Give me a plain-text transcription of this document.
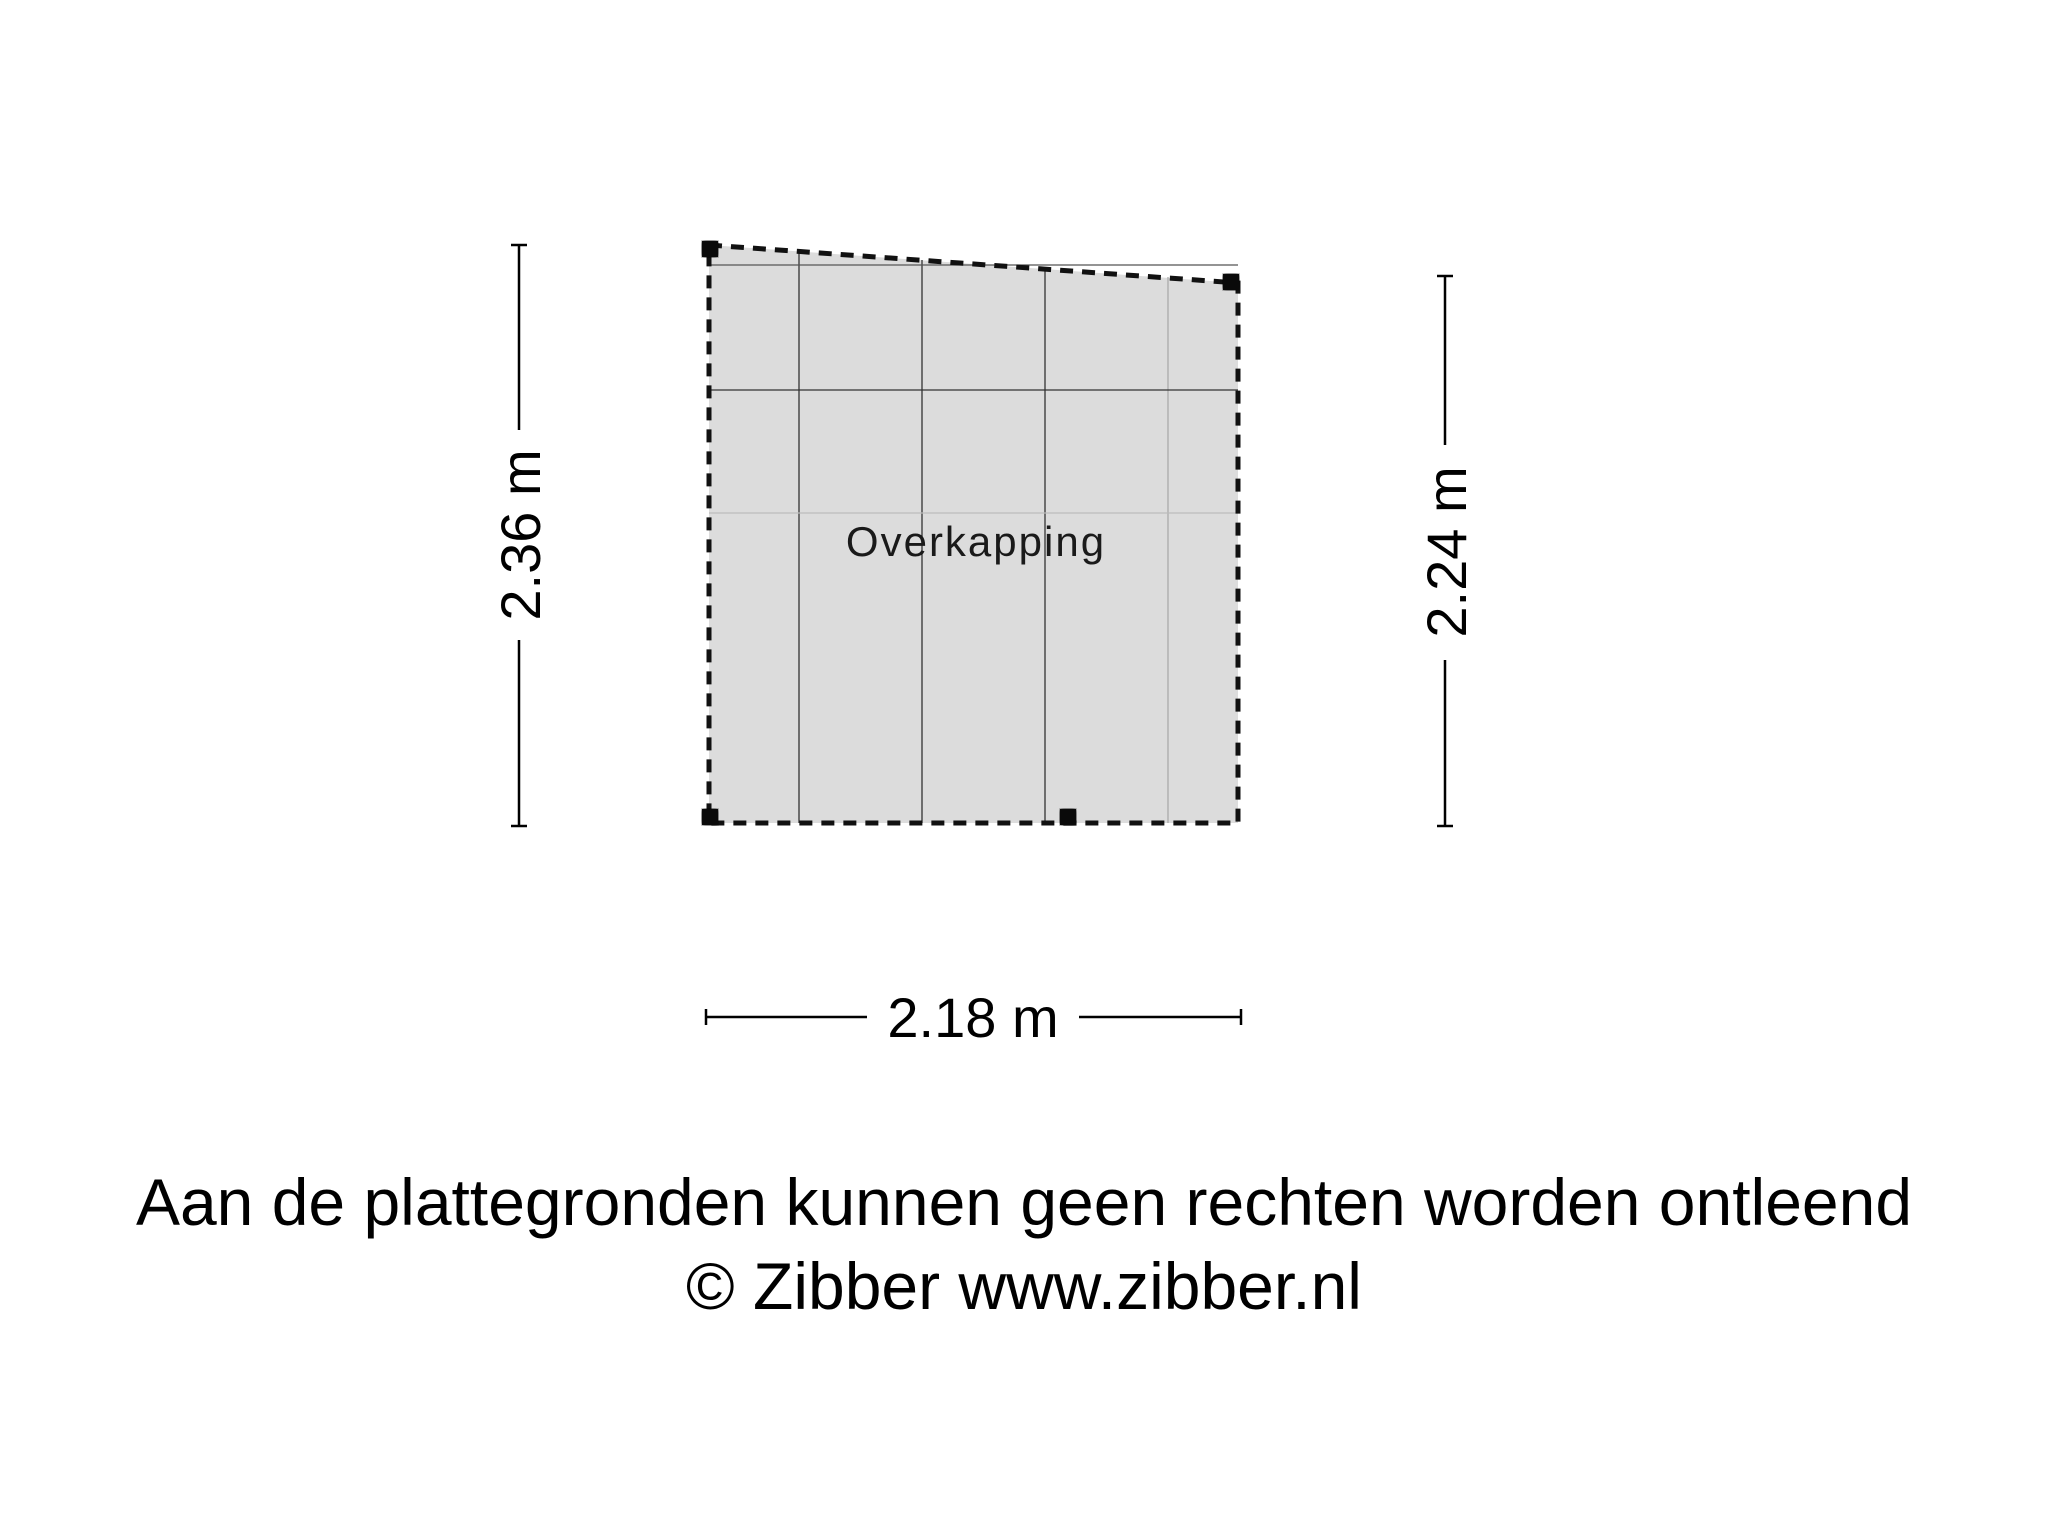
Overkapping
2.36 m	2.24 m
2.18 m
Aan de plattegronden kunnen geen rechten worden ontleend
© Zibber www.zibber.nl
